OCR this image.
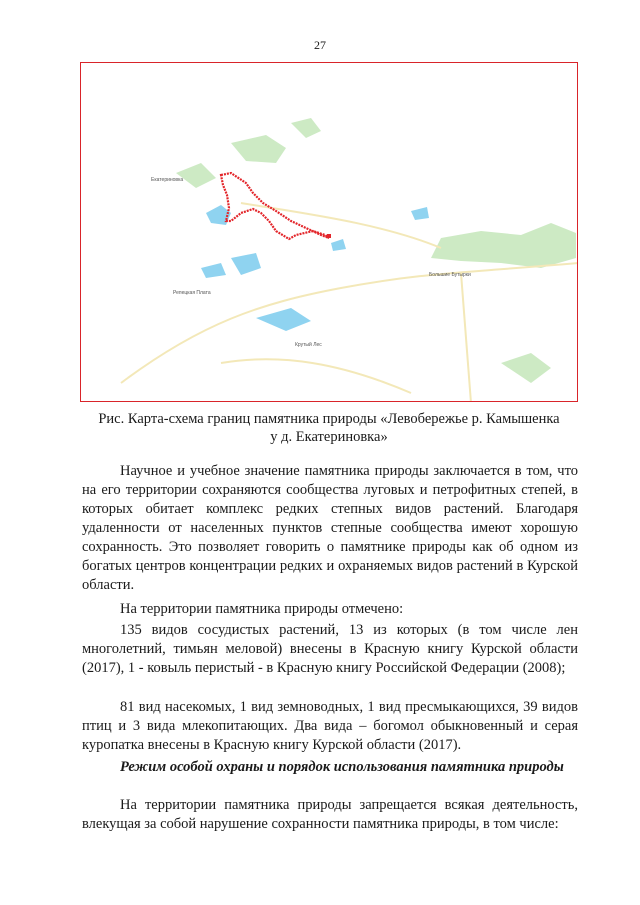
27
Екатериновка
Большие Бутырки
Репецкая Плата
Крутый Лес
Рис. Карта-схема границ памятника природы «Левобережье р. Камышенка
у д. Екатериновка»

Научное и учебное значение памятника природы заключается в том, что на его территории сохраняются сообщества луговых и петрофитных степей, в которых обитает комплекс редких степных видов растений. Благодаря удаленности от населенных пунктов степные сообщества имеют хорошую сохранность. Это позволяет говорить о памятнике природы как об одном из богатых центров концентрации редких и охраняемых видов растений в Курской области.

На территории памятника природы отмечено:

135 видов сосудистых растений, 13 из которых (в том числе лен многолетний, тимьян меловой) внесены в Красную книгу Курской области (2017), 1 - ковыль перистый - в Красную книгу Российской Федерации (2008);

81 вид насекомых, 1 вид земноводных, 1 вид пресмыкающихся, 39 видов птиц и 3 вида млекопитающих. Два вида – богомол обыкновенный и серая куропатка внесены в Красную книгу Курской области (2017).

Режим особой охраны и порядок использования памятника природы

На территории памятника природы запрещается всякая деятельность, влекущая за собой нарушение сохранности памятника природы, в том числе:
